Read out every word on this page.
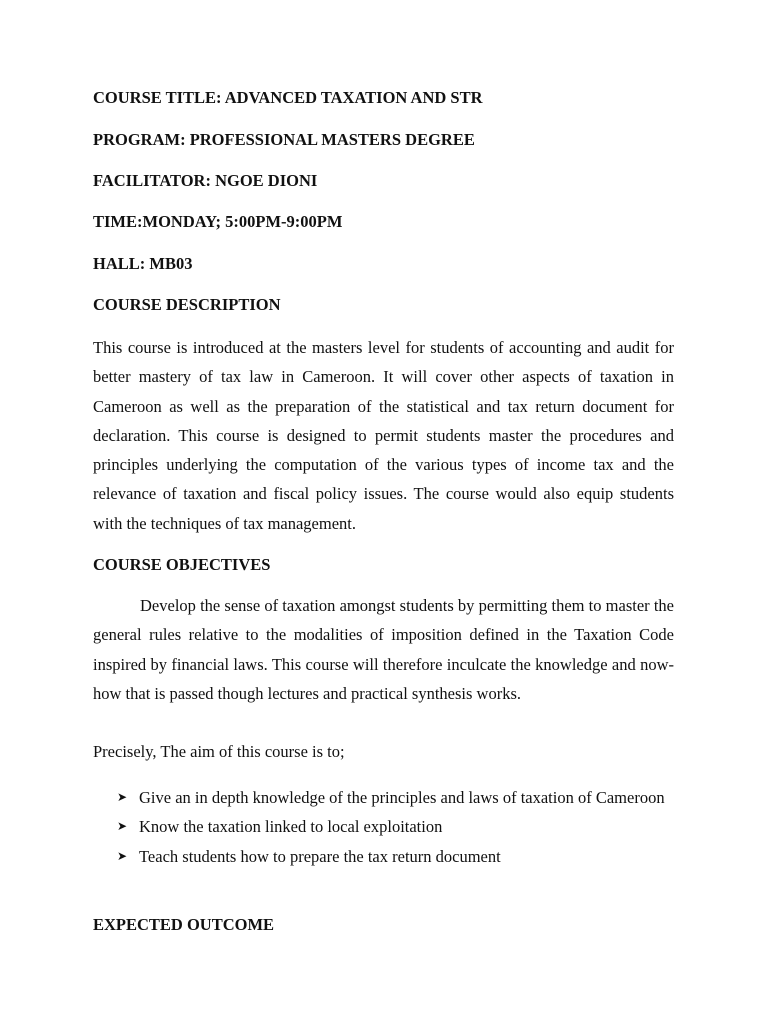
COURSE TITLE: ADVANCED TAXATION AND STR
PROGRAM: PROFESSIONAL MASTERS DEGREE
FACILITATOR: NGOE DIONI
TIME:MONDAY; 5:00PM-9:00PM
HALL: MB03
COURSE DESCRIPTION

This course is introduced at the masters level for students of accounting and audit for better mastery of tax law in Cameroon. It will cover other aspects of taxation in Cameroon as well as the preparation of the statistical and tax return document for declaration. This course is designed to permit students master the procedures and principles underlying the computation of the various types of income tax and the relevance of taxation and fiscal policy issues. The course would also equip students with the techniques of tax management.

COURSE OBJECTIVES

Develop the sense of taxation amongst students by permitting them to master the general rules relative to the modalities of imposition defined in the Taxation Code inspired by financial laws. This course will therefore inculcate the knowledge and now-how that is passed though lectures and practical synthesis works.

Precisely, The aim of this course is to;
➤ Give an in depth knowledge of the principles and laws of taxation of Cameroon
➤ Know the taxation linked to local exploitation
➤ Teach students how to prepare the tax return document
EXPECTED OUTCOME
